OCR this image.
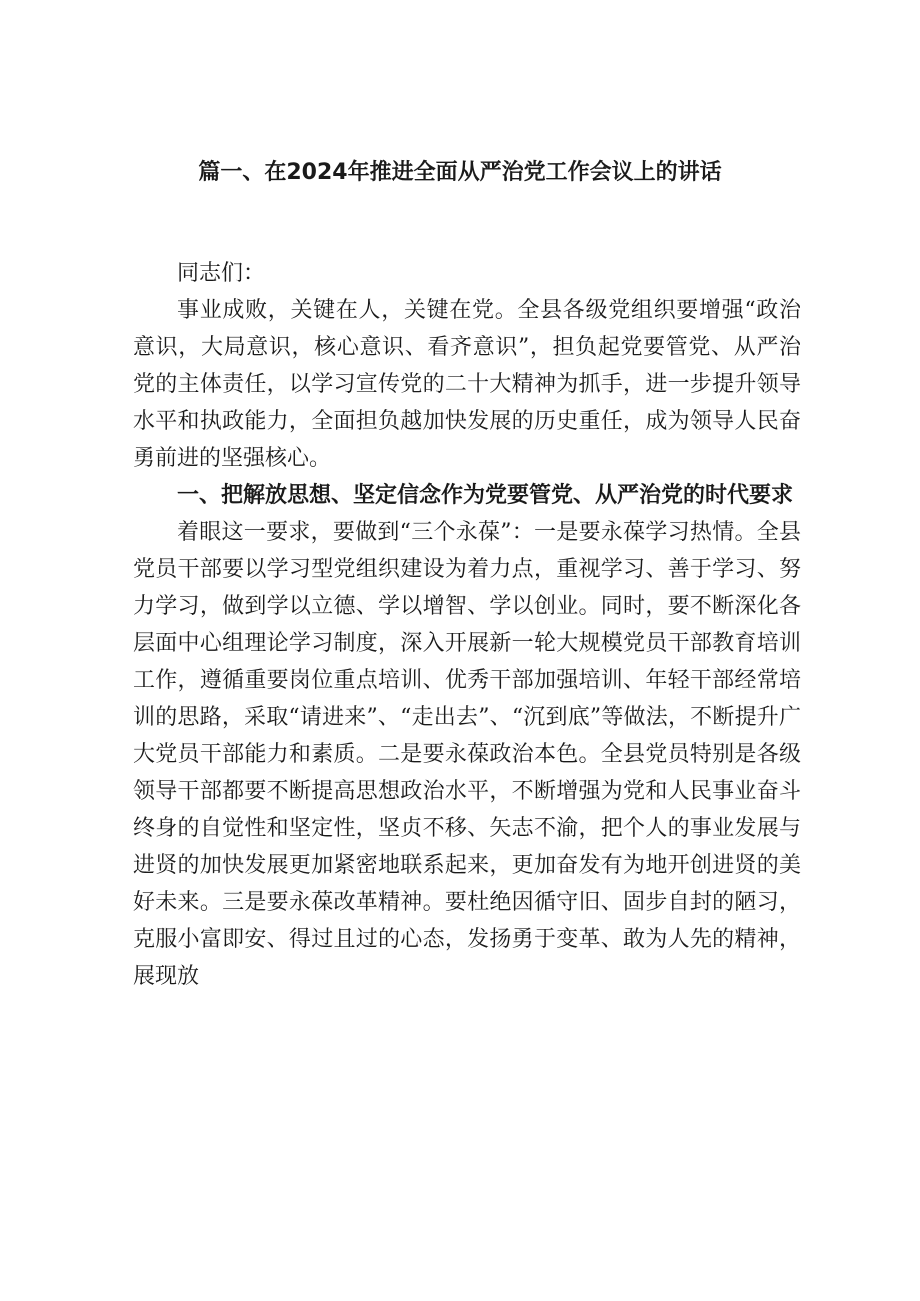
篇一、在2024年推进全面从严治党工作会议上的讲话

同志们：

事业成败，关键在人，关键在党。全县各级党组织要增强“政治意识，大局意识，核心意识、看齐意识”，担负起党要管党、从严治党的主体责任，以学习宣传党的二十大精神为抓手，进一步提升领导水平和执政能力，全面担负越加快发展的历史重任，成为领导人民奋勇前进的坚强核心。

一、把解放思想、坚定信念作为党要管党、从严治党的时代要求

着眼这一要求，要做到“三个永葆”：一是要永葆学习热情。全县党员干部要以学习型党组织建设为着力点，重视学习、善于学习、努力学习，做到学以立德、学以增智、学以创业。同时，要不断深化各层面中心组理论学习制度，深入开展新一轮大规模党员干部教育培训工作，遵循重要岗位重点培训、优秀干部加强培训、年轻干部经常培训的思路，采取“请进来”、“走出去”、“沉到底”等做法，不断提升广大党员干部能力和素质。二是要永葆政治本色。全县党员特别是各级领导干部都要不断提高思想政治水平，不断增强为党和人民事业奋斗终身的自觉性和坚定性，坚贞不移、矢志不渝，把个人的事业发展与进贤的加快发展更加紧密地联系起来，更加奋发有为地开创进贤的美好未来。三是要永葆改革精神。要杜绝因循守旧、固步自封的陋习，克服小富即安、得过且过的心态，发扬勇于变革、敢为人先的精神，展现放
